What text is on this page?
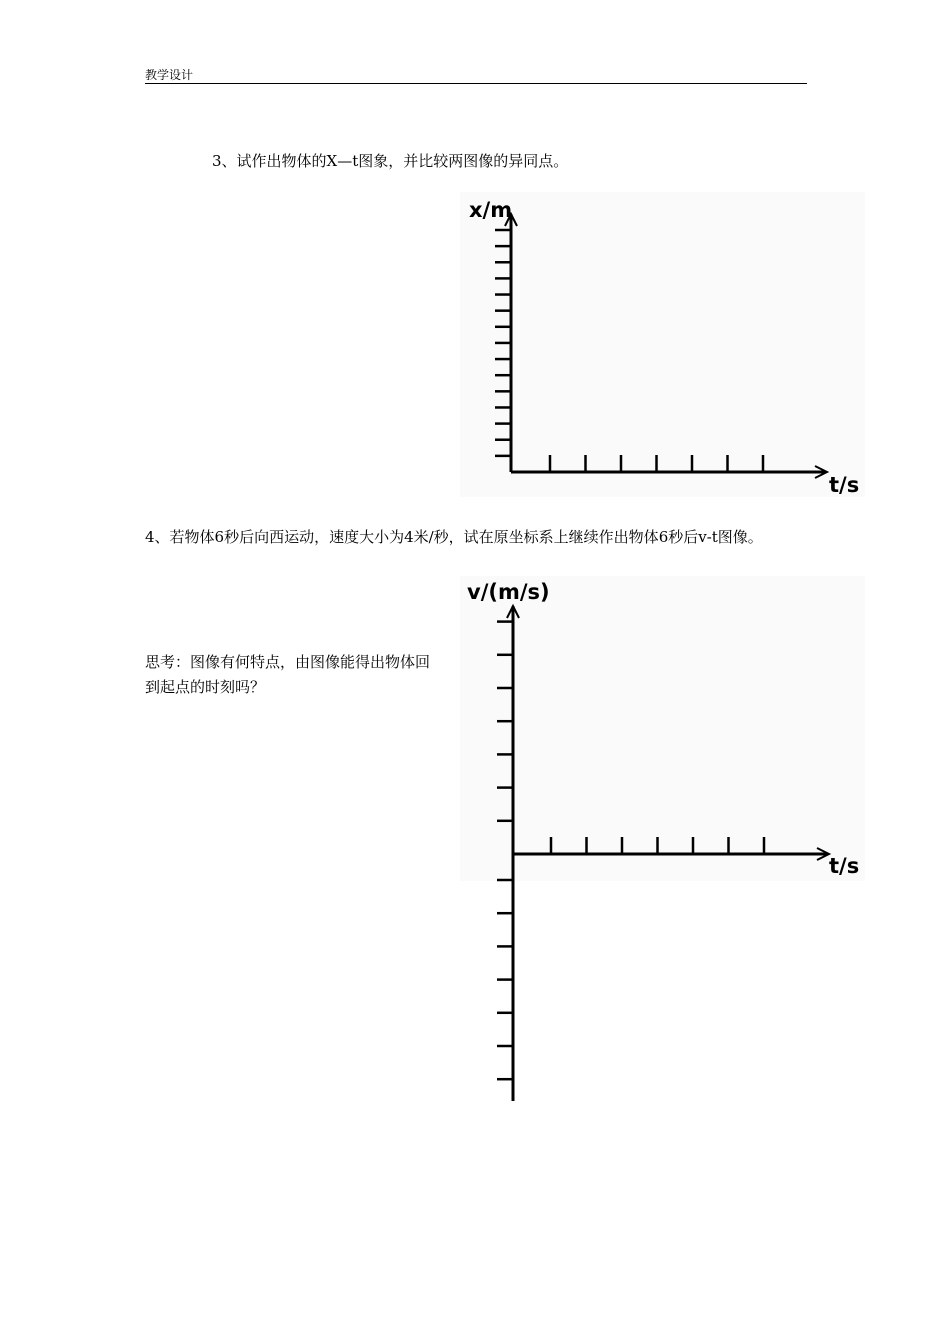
教学设计
3、试作出物体的X—t图象，并比较两图像的异同点。
x/m
t/s
4、若物体6秒后向西运动，速度大小为4米/秒，试在原坐标系上继续作出物体6秒后v-t图像。
v/(m/s)
t/s
思考：图像有何特点，由图像能得出物体回到起点的时刻吗？
